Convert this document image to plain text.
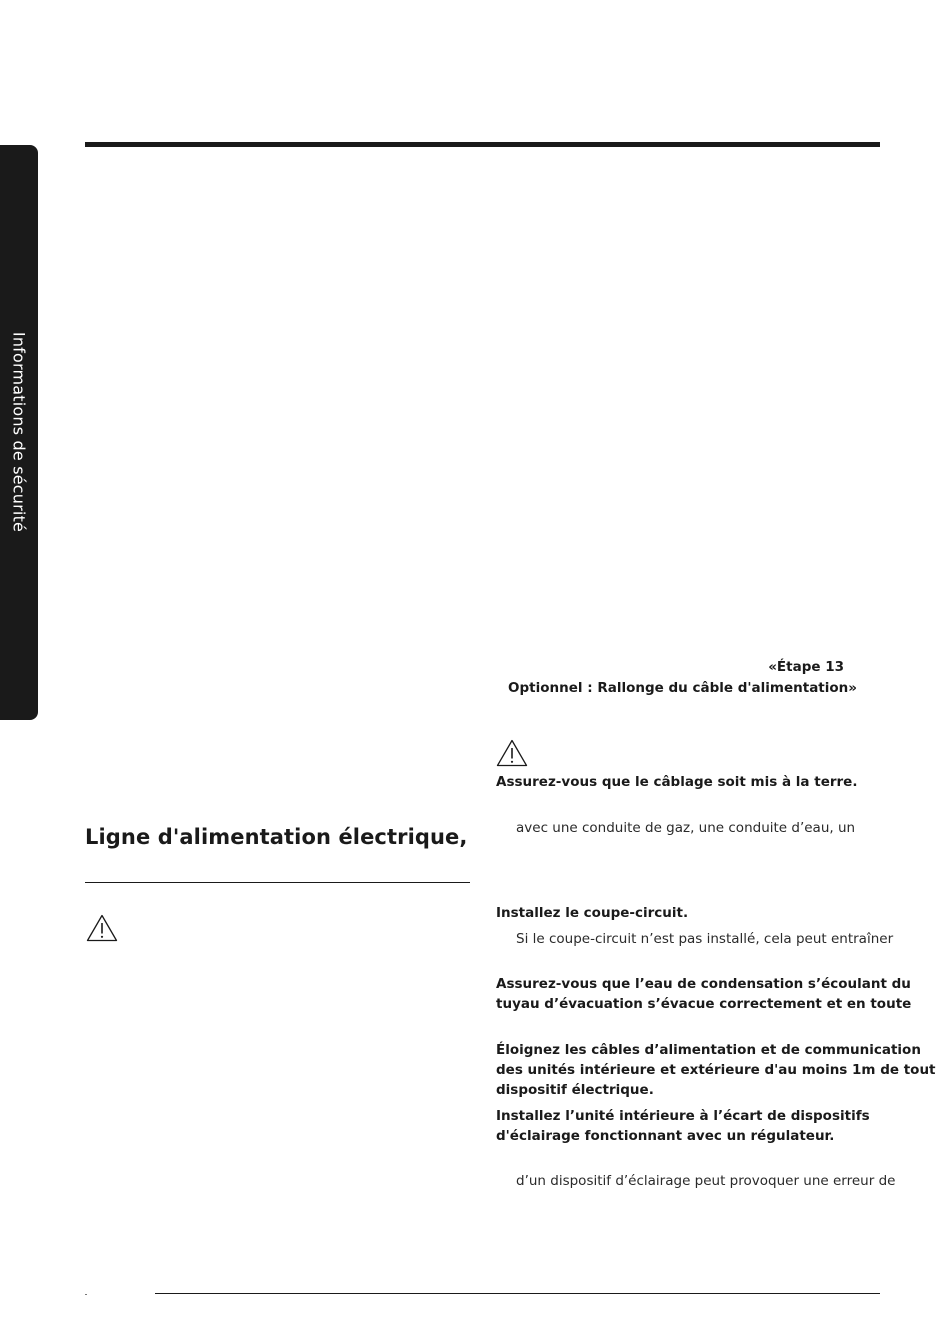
Informations de sécurité
Ligne d'alimentation électrique,

«Étape 13

Optionnel : Rallonge du câble d'alimentation»

Assurez-vous que le câblage soit mis à la terre.

avec une conduite de gaz, une conduite d’eau, un

Installez le coupe-circuit.

Si le coupe-circuit n’est pas installé, cela peut entraîner

Assurez-vous que l’eau de condensation s’écoulant du

tuyau d’évacuation s’évacue correctement et en toute

Éloignez les câbles d’alimentation et de communication

des unités intérieure et extérieure d'au moins 1m de tout

dispositif électrique.

Installez l’unité intérieure à l’écart de dispositifs

d'éclairage fonctionnant avec un régulateur.

d’un dispositif d’éclairage peut provoquer une erreur de
